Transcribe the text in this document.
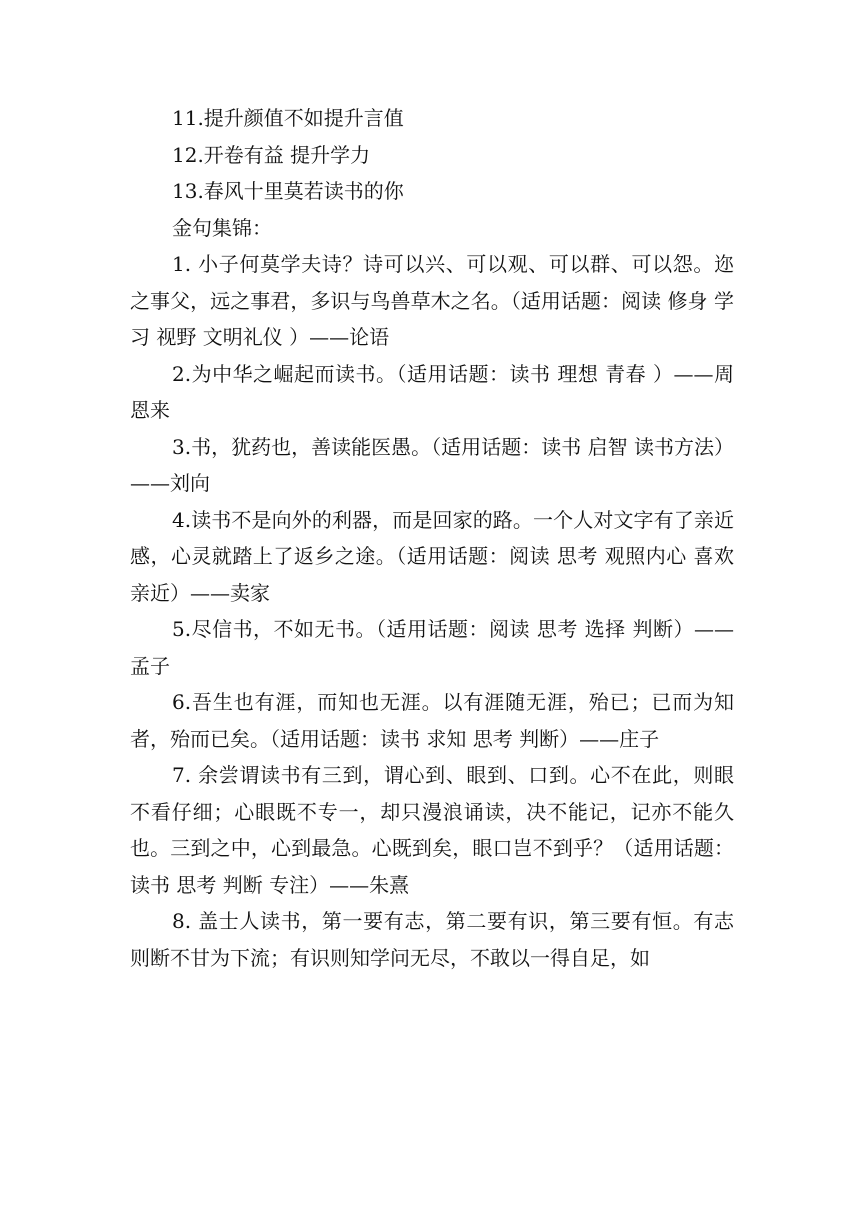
11.提升颜值不如提升言值

12.开卷有益 提升学力

13.春风十里莫若读书的你

金句集锦：

1. 小子何莫学夫诗？诗可以兴、可以观、可以群、可以怨。迩之事父，远之事君，多识与鸟兽草木之名。（适用话题：阅读 修身 学习 视野 文明礼仪 ）——论语

2.为中华之崛起而读书。（适用话题：读书 理想 青春 ）——周恩来

3.书，犹药也，善读能医愚。（适用话题：读书 启智 读书方法）——刘向

4.读书不是向外的利器，而是回家的路。一个人对文字有了亲近感，心灵就踏上了返乡之途。（适用话题：阅读 思考 观照内心 喜欢 亲近）——卖家

5.尽信书，不如无书。（适用话题：阅读 思考 选择 判断）——孟子

6.吾生也有涯，而知也无涯。以有涯随无涯，殆已；已而为知者，殆而已矣。（适用话题：读书 求知 思考 判断）——庄子

7. 余尝谓读书有三到，谓心到、眼到、口到。心不在此，则眼不看仔细；心眼既不专一，却只漫浪诵读，决不能记，记亦不能久也。三到之中，心到最急。心既到矣，眼口岂不到乎？（适用话题：读书 思考 判断 专注）——朱熹

8. 盖士人读书，第一要有志，第二要有识，第三要有恒。有志则断不甘为下流；有识则知学问无尽，不敢以一得自足，如
